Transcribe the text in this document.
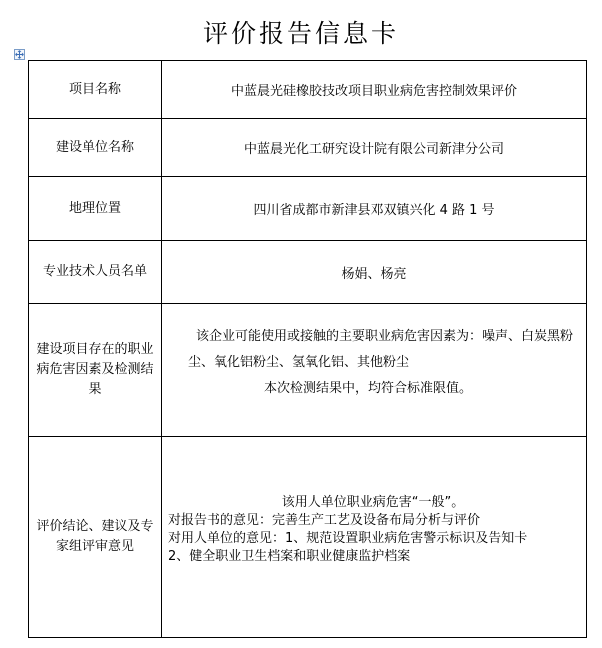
评价报告信息卡
项目名称	中蓝晨光硅橡胶技改项目职业病危害控制效果评价
建设单位名称	中蓝晨光化工研究设计院有限公司新津分公司
地理位置	四川省成都市新津县邓双镇兴化 4 路 1 号
专业技术人员名单	杨娟、杨亮
建设项目存在的职业病危害因素及检测结果	该企业可能使用或接触的主要职业病危害因素为：噪声、白炭黑粉尘、氧化铝粉尘、氢氧化铝、其他粉尘
本次检测结果中，均符合标准限值。

评价结论、建议及专家组评审意见	该用人单位职业病危害“一般”。
对报告书的意见：完善生产工艺及设备布局分析与评价
对用人单位的意见：1、规范设置职业病危害警示标识及告知卡
2、健全职业卫生档案和职业健康监护档案
